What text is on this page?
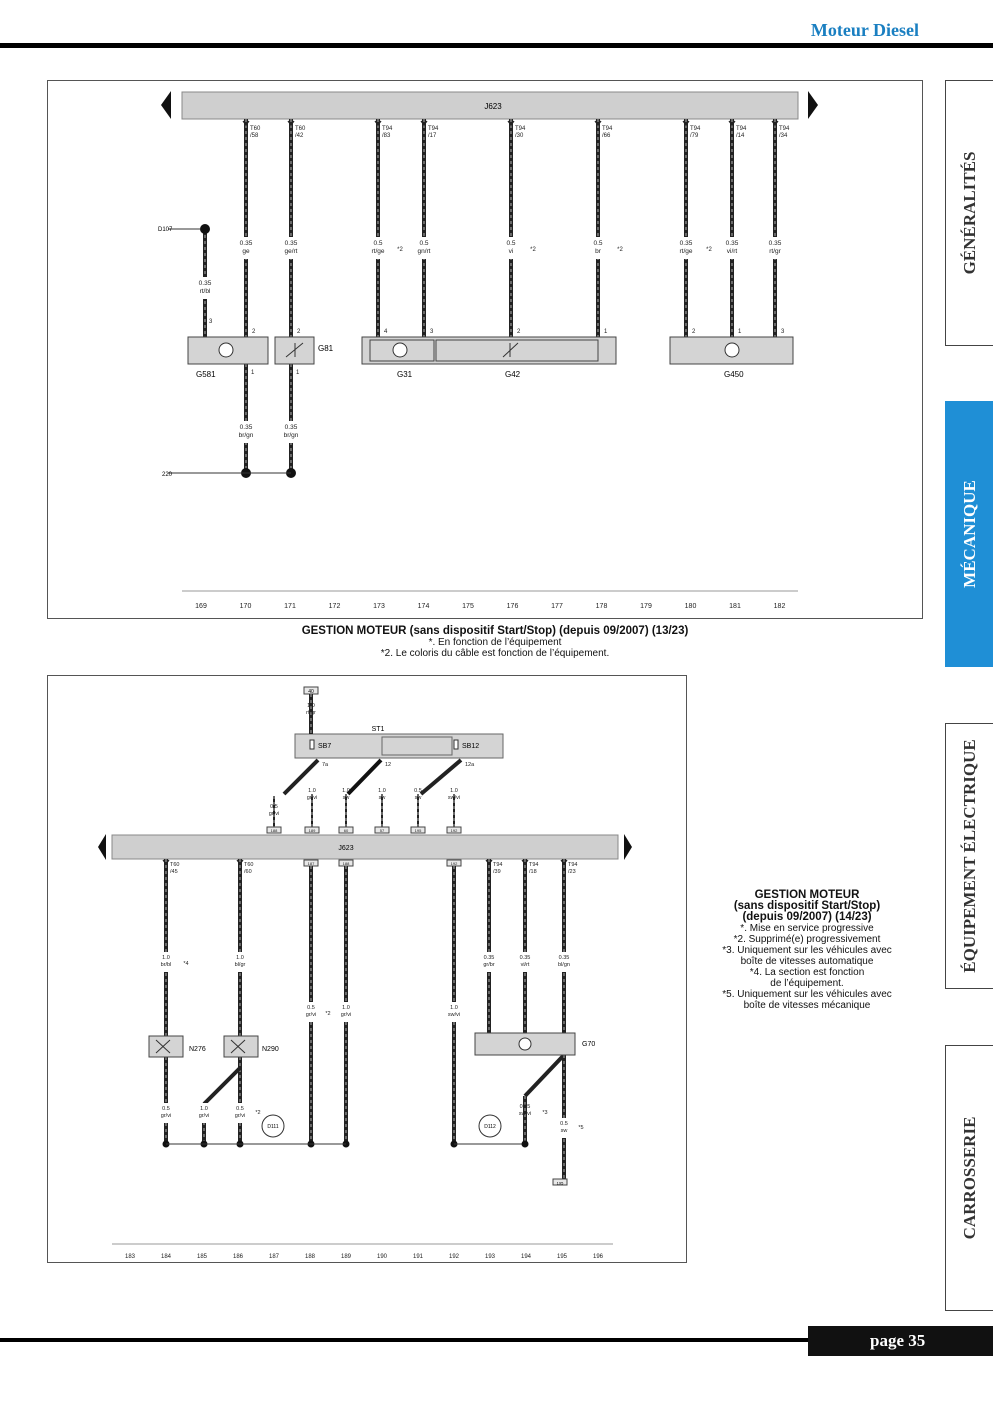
Moteur Diesel
J623
T60
/58
0.35
ge
2
T60
/42
0.35
ge/rt
2
T94
/83
0.5
rt/ge
4
T94
/17
0.5
gn/rt
3
T94
/30
0.5
vi
2
T94
/66
0.5
br
1
T94
/79
0.35
rt/ge
2
T94
/14
0.35
vi/rt
1
T94
/34
0.35
rt/gr
3
*2	*2	*2	*2
0.35
rt/bl
3
0.35
br/gn
1
0.35
br/gn
1
G581
G81
G31	G42	G450
D107
220
169	170	171	172	173	174	175	176	177	178	179	180	181	182
GESTION MOTEUR (sans dispositif Start/Stop) (depuis 09/2007) (13/23)
*. En fonction de l’équipement
*2. Le coloris du câble est fonction de l’équipement.
40
ST1
SB7	SB12
J623
1.0
rt/gr
7a	12	12a
0.5
gr/vi
188
1.0
gr/vi
189
1.0
sw
60
1.0
sw
57
0.5
sw
195
1.0
sw/vi
192
187	188	192
T60
/45
1.0
br/bl *4
T60
/60
1.0
bl/gr
T94
/39
0.35
gr/br
T94
/18
0.35
vi/rt
T94
/23
0.35
bl/gn
0.5
gr/vi *2
1.0
gr/vi
1.0
sw/vi
0.5
gr/vi
1.0
gr/vi
0.5
gr/vi *2
0.35
sw/vi *3
0.5
sw *5
N276	N290
G70
D111	D112
195
183	184	185	186	187	188	189	190	191	192	193	194	195	196
GESTION MOTEUR
(sans dispositif Start/Stop)
(depuis 09/2007) (14/23)
*. Mise en service progressive
*2. Supprimé(e) progressivement
*3. Uniquement sur les véhicules avec
boîte de vitesses automatique
*4. La section est fonction
de l’équipement.
*5. Uniquement sur les véhicules avec
boîte de vitesses mécanique
GÉNÉRALITÉS
MÉCANIQUE
ÉQUIPEMENT ÉLECTRIQUE
CARROSSERIE
page 35
